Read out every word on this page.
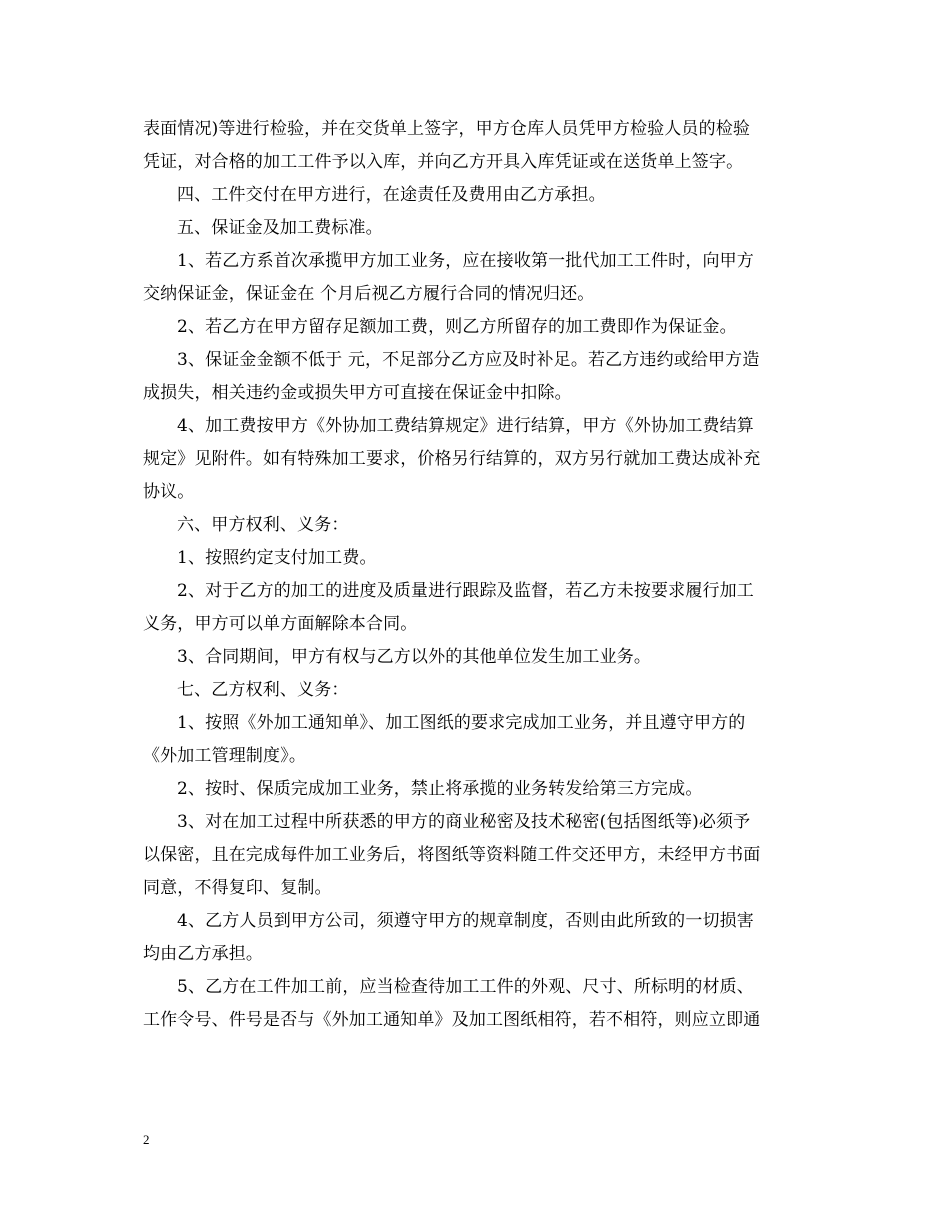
表面情况)等进行检验，并在交货单上签字，甲方仓库人员凭甲方检验人员的检验
凭证，对合格的加工工件予以入库，并向乙方开具入库凭证或在送货单上签字。
四、工件交付在甲方进行，在途责任及费用由乙方承担。
五、保证金及加工费标准。
1、若乙方系首次承揽甲方加工业务，应在接收第一批代加工工件时，向甲方
交纳保证金，保证金在 个月后视乙方履行合同的情况归还。
2、若乙方在甲方留存足额加工费，则乙方所留存的加工费即作为保证金。
3、保证金金额不低于 元，不足部分乙方应及时补足。若乙方违约或给甲方造
成损失，相关违约金或损失甲方可直接在保证金中扣除。
4、加工费按甲方《外协加工费结算规定》进行结算，甲方《外协加工费结算
规定》见附件。如有特殊加工要求，价格另行结算的，双方另行就加工费达成补充
协议。
六、甲方权利、义务：
1、按照约定支付加工费。
2、对于乙方的加工的进度及质量进行跟踪及监督，若乙方未按要求履行加工
义务，甲方可以单方面解除本合同。
3、合同期间，甲方有权与乙方以外的其他单位发生加工业务。
七、乙方权利、义务：
1、按照《外加工通知单》、加工图纸的要求完成加工业务，并且遵守甲方的
《外加工管理制度》。
2、按时、保质完成加工业务，禁止将承揽的业务转发给第三方完成。
3、对在加工过程中所获悉的甲方的商业秘密及技术秘密(包括图纸等)必须予
以保密，且在完成每件加工业务后，将图纸等资料随工件交还甲方，未经甲方书面
同意，不得复印、复制。
4、乙方人员到甲方公司，须遵守甲方的规章制度，否则由此所致的一切损害
均由乙方承担。
5、乙方在工件加工前，应当检查待加工工件的外观、尺寸、所标明的材质、
工作令号、件号是否与《外加工通知单》及加工图纸相符，若不相符，则应立即通
2
